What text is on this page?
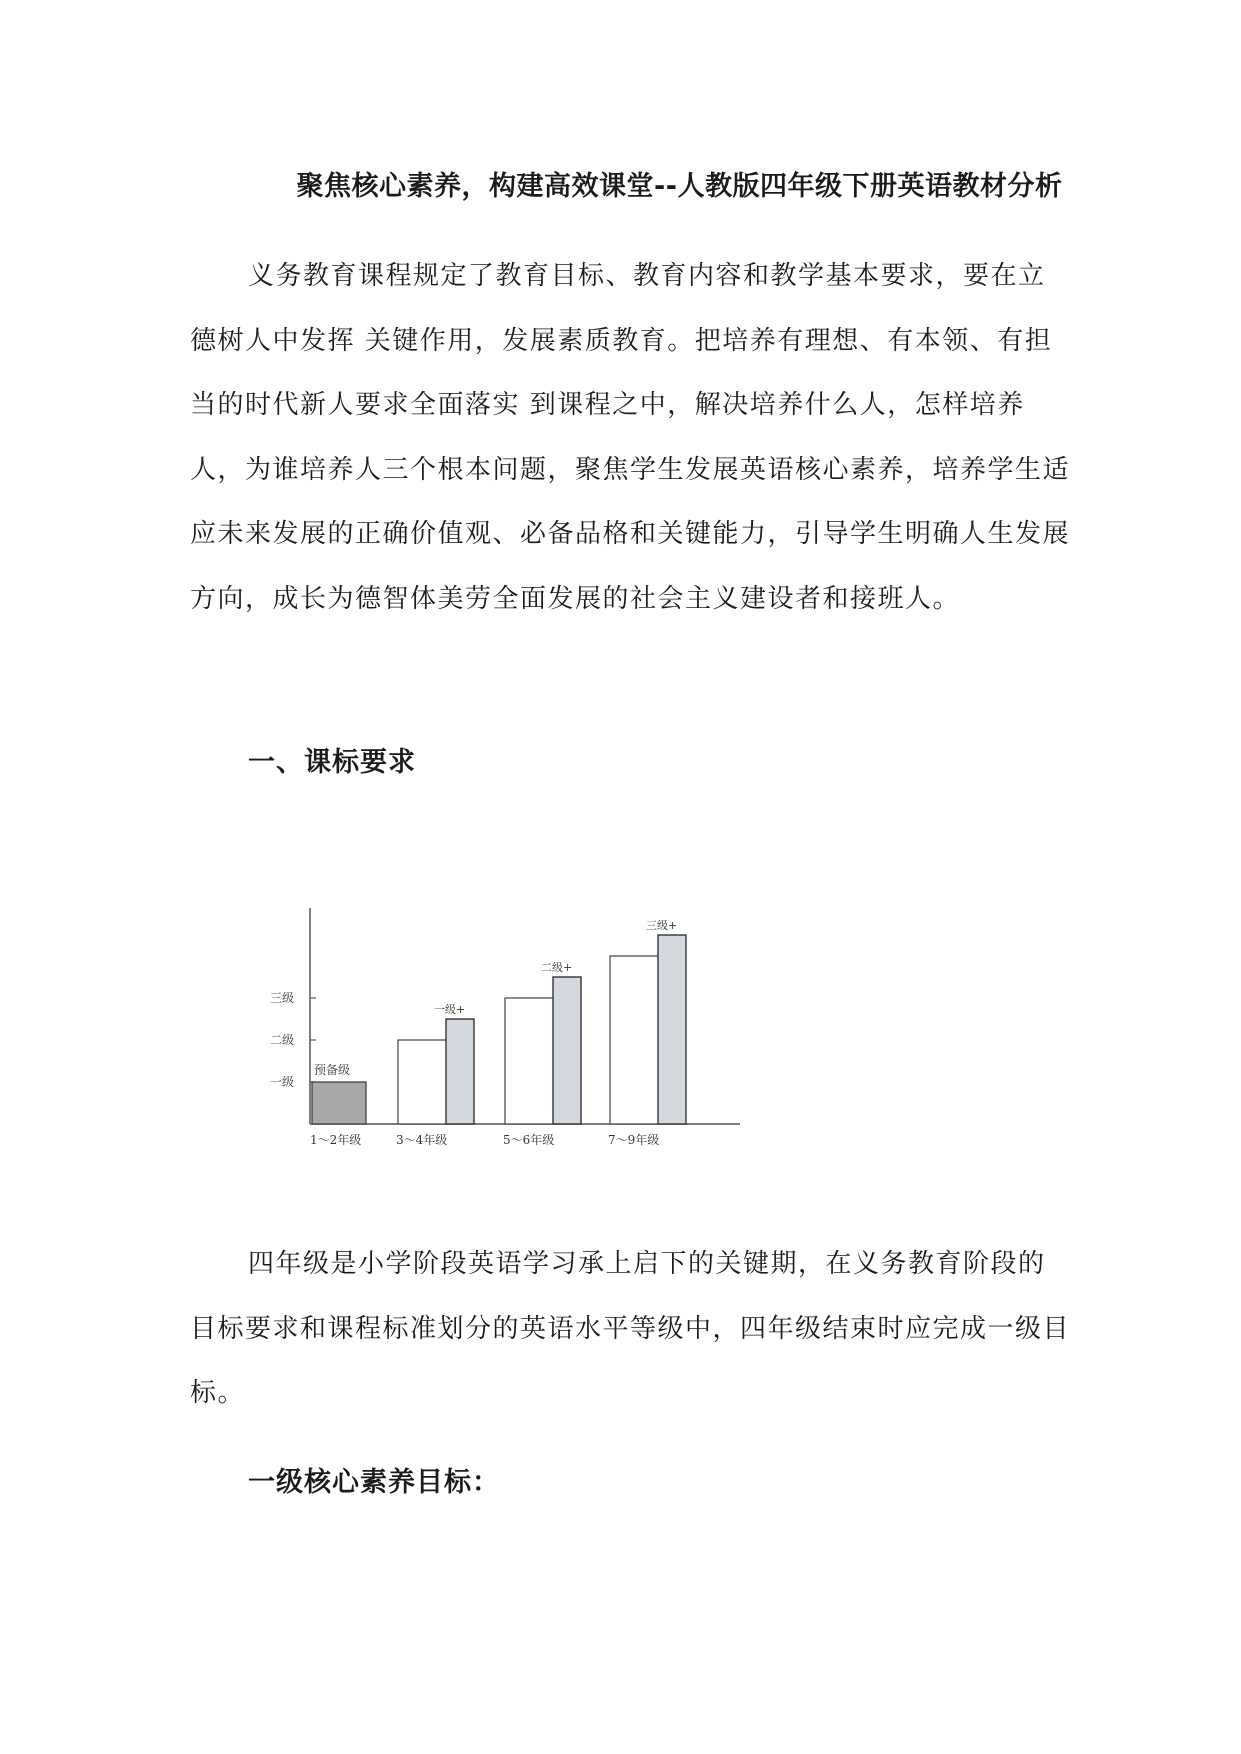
聚焦核心素养，构建高效课堂--人教版四年级下册英语教材分析

义务教育课程规定了教育目标、教育内容和教学基本要求，要在立德树人中发挥 关键作用，发展素质教育。把培养有理想、有本领、有担当的时代新人要求全面落实 到课程之中，解决培养什么人，怎样培养人，为谁培养人三个根本问题，聚焦学生发展英语核心素养，培养学生适应未来发展的正确价值观、必备品格和关键能力，引导学生明确人生发展方向，成长为德智体美劳全面发展的社会主义建设者和接班人。

一、课标要求
一级
二级
三级
预备级
1～2年级
一级+
3～4年级
二级+
5～6年级
三级+
7～9年级

四年级是小学阶段英语学习承上启下的关键期，在义务教育阶段的目标要求和课程标准划分的英语水平等级中，四年级结束时应完成一级目标。

一级核心素养目标：
